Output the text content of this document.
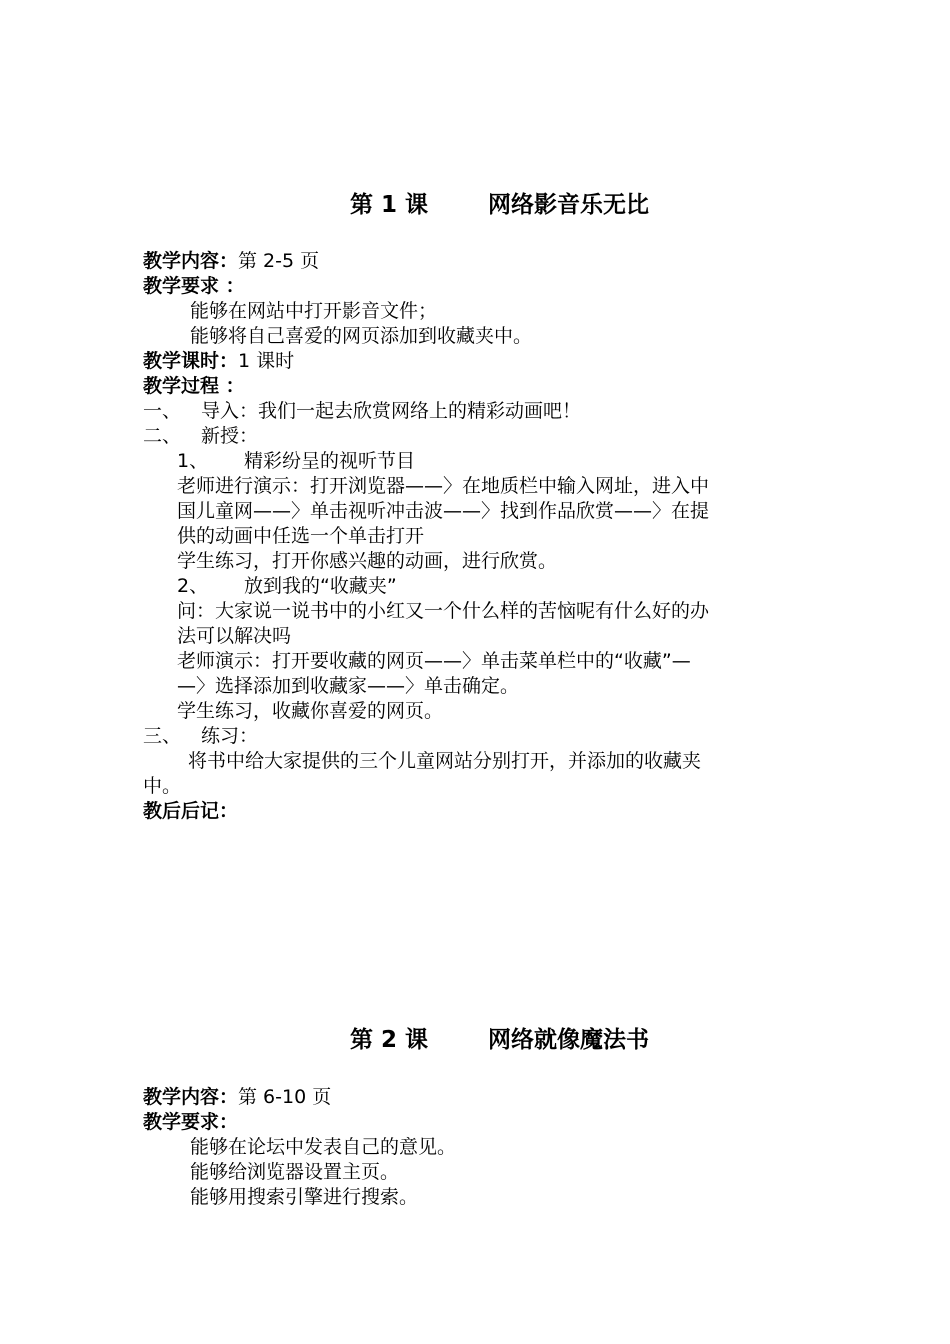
第 1 课	网络影音乐无比
教学内容：第 2-5 页
教学要求 ：
能够在网站中打开影音文件；
能够将自己喜爱的网页添加到收藏夹中。
教学课时：1 课时
教学过程 ：
一、 导入：我们一起去欣赏网络上的精彩动画吧！
二、 新授：
1、 精彩纷呈的视听节目
老师进行演示：打开浏览器——〉在地质栏中输入网址，进入中
国儿童网——〉单击视听冲击波——〉找到作品欣赏——〉在提
供的动画中任选一个单击打开
学生练习，打开你感兴趣的动画，进行欣赏。
2、 放到我的“收藏夹”
问：大家说一说书中的小红又一个什么样的苦恼呢有什么好的办
法可以解决吗
老师演示：打开要收藏的网页——〉单击菜单栏中的“收藏”—
—〉选择添加到收藏家——〉单击确定。
学生练习，收藏你喜爱的网页。
三、 练习：
将书中给大家提供的三个儿童网站分别打开，并添加的收藏夹
中。
教后后记：
第 2 课	网络就像魔法书
教学内容：第 6-10 页
教学要求：
能够在论坛中发表自己的意见。
能够给浏览器设置主页。
能够用搜索引擎进行搜索。
